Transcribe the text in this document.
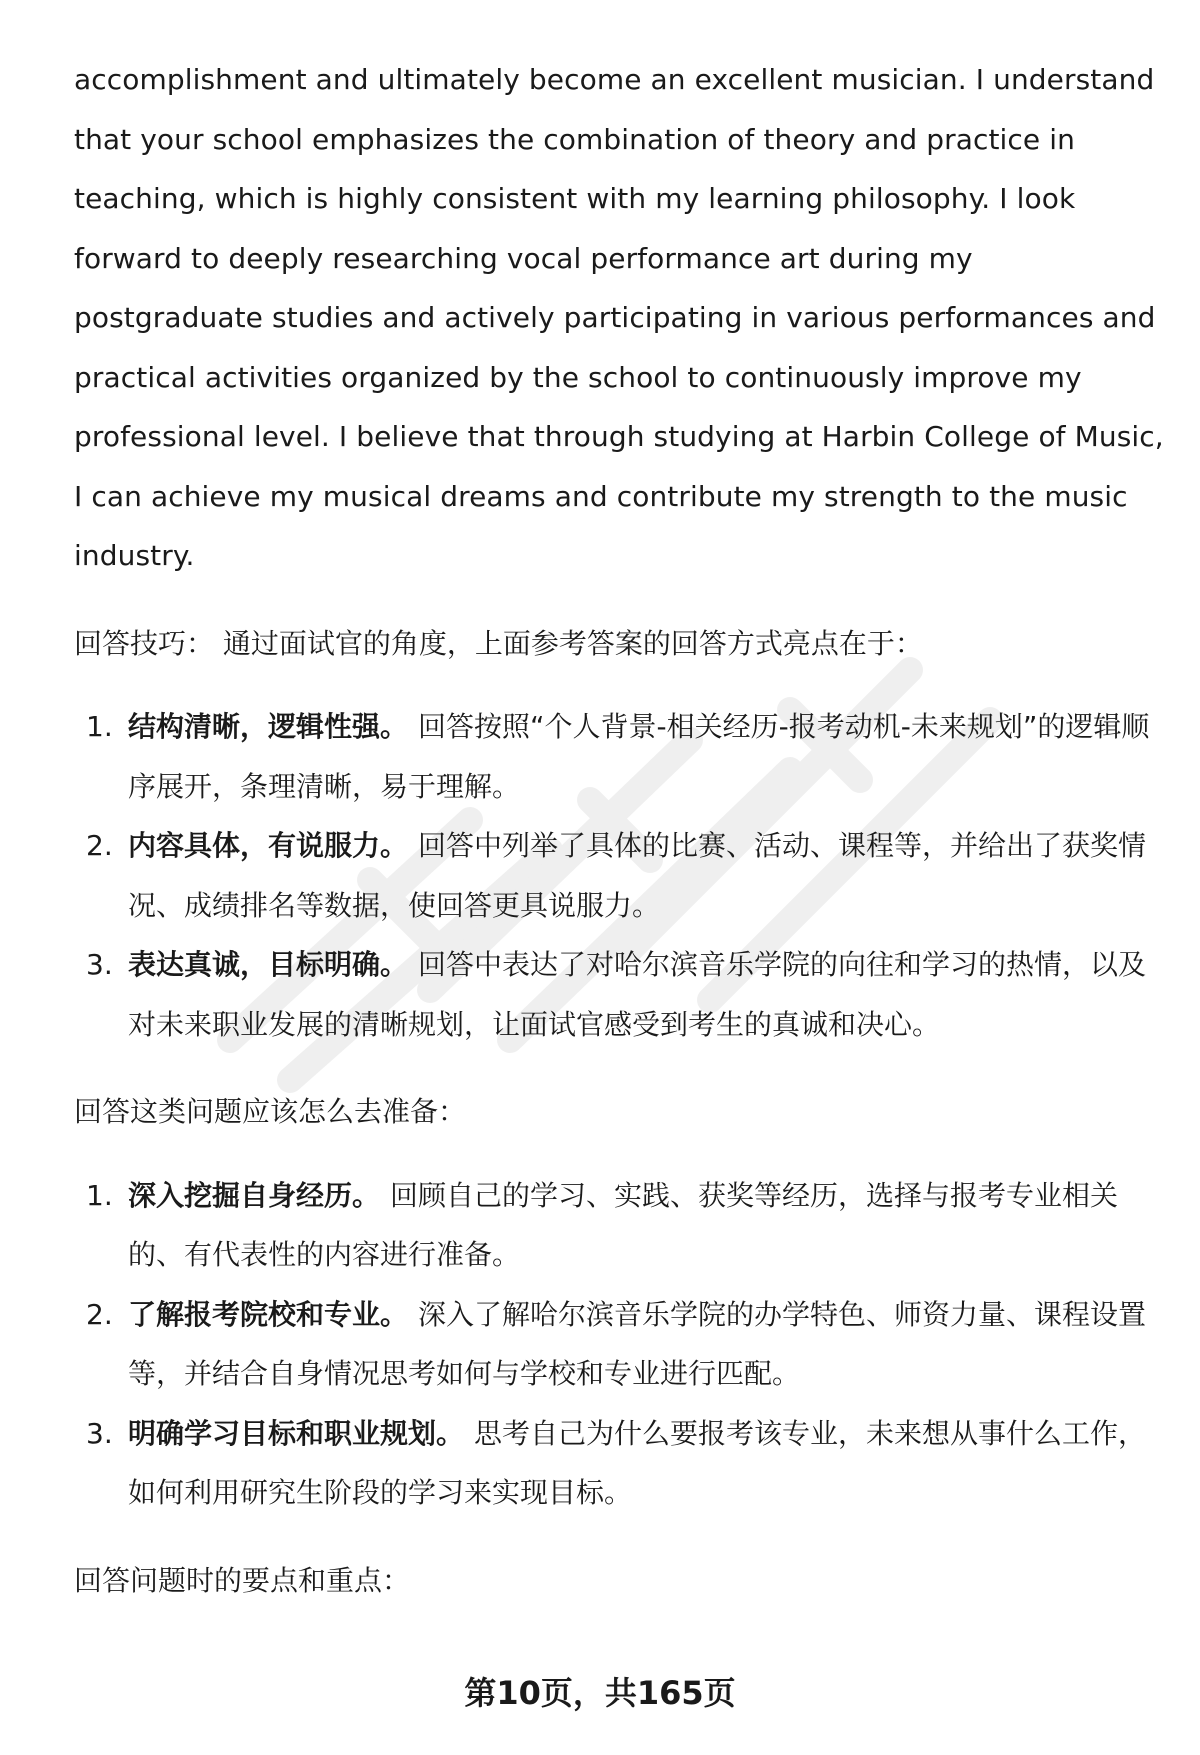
accomplishment and ultimately become an excellent musician. I understand that your school emphasizes the combination of theory and practice in teaching, which is highly consistent with my learning philosophy. I look forward to deeply researching vocal performance art during my postgraduate studies and actively participating in various performances and practical activities organized by the school to continuously improve my professional level. I believe that through studying at Harbin College of Music, I can achieve my musical dreams and contribute my strength to the music industry.

回答技巧： 通过面试官的角度，上面参考答案的回答方式亮点在于：

1. 结构清晰，逻辑性强。 回答按照“个人背景-相关经历-报考动机-未来规划”的逻辑顺序展开，条理清晰，易于理解。
2. 内容具体，有说服力。 回答中列举了具体的比赛、活动、课程等，并给出了获奖情况、成绩排名等数据，使回答更具说服力。
3. 表达真诚，目标明确。 回答中表达了对哈尔滨音乐学院的向往和学习的热情，以及对未来职业发展的清晰规划，让面试官感受到考生的真诚和决心。

回答这类问题应该怎么去准备：

1. 深入挖掘自身经历。 回顾自己的学习、实践、获奖等经历，选择与报考专业相关的、有代表性的内容进行准备。
2. 了解报考院校和专业。 深入了解哈尔滨音乐学院的办学特色、师资力量、课程设置等，并结合自身情况思考如何与学校和专业进行匹配。
3. 明确学习目标和职业规划。 思考自己为什么要报考该专业，未来想从事什么工作，如何利用研究生阶段的学习来实现目标。

回答问题时的要点和重点：

第10页，共165页
